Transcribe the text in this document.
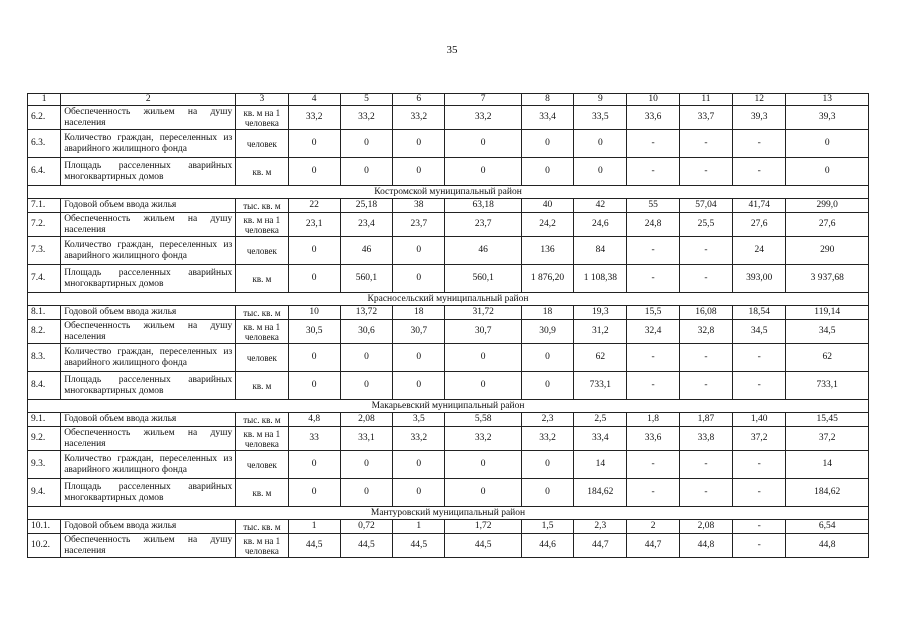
35
1	2	3	4	5	6	7	8	9	10	11	12	13
6.2.	Обеспеченность жильем на душу населения	кв. м на 1 человека	33,2	33,2	33,2	33,2	33,4	33,5	33,6	33,7	39,3	39,3
6.3.	Количество граждан, переселенных из аварийного жилищного фонда	человек	0	0	0	0	0	0	-	-	-	0
6.4.	Площадь расселенных аварийных многоквартирных домов	кв. м	0	0	0	0	0	0	-	-	-	0
Костромской муниципальный район												
7.1.	Годовой объем ввода жилья	тыс. кв. м	22	25,18	38	63,18	40	42	55	57,04	41,74	299,0
7.2.	Обеспеченность жильем на душу населения	кв. м на 1 человека	23,1	23,4	23,7	23,7	24,2	24,6	24,8	25,5	27,6	27,6
7.3.	Количество граждан, переселенных из аварийного жилищного фонда	человек	0	46	0	46	136	84	-	-	24	290
7.4.	Площадь расселенных аварийных многоквартирных домов	кв. м	0	560,1	0	560,1	1 876,20	1 108,38	-	-	393,00	3 937,68
Красносельский муниципальный район												
8.1.	Годовой объем ввода жилья	тыс. кв. м	10	13,72	18	31,72	18	19,3	15,5	16,08	18,54	119,14
8.2.	Обеспеченность жильем на душу населения	кв. м на 1 человека	30,5	30,6	30,7	30,7	30,9	31,2	32,4	32,8	34,5	34,5
8.3.	Количество граждан, переселенных из аварийного жилищного фонда	человек	0	0	0	0	0	62	-	-	-	62
8.4.	Площадь расселенных аварийных многоквартирных домов	кв. м	0	0	0	0	0	733,1	-	-	-	733,1
Макарьевский муниципальный район												
9.1.	Годовой объем ввода жилья	тыс. кв. м	4,8	2,08	3,5	5,58	2,3	2,5	1,8	1,87	1,40	15,45
9.2.	Обеспеченность жильем на душу населения	кв. м на 1 человека	33	33,1	33,2	33,2	33,2	33,4	33,6	33,8	37,2	37,2
9.3.	Количество граждан, переселенных из аварийного жилищного фонда	человек	0	0	0	0	0	14	-	-	-	14
9.4.	Площадь расселенных аварийных многоквартирных домов	кв. м	0	0	0	0	0	184,62	-	-	-	184,62
Мантуровский муниципальный район												
10.1.	Годовой объем ввода жилья	тыс. кв. м	1	0,72	1	1,72	1,5	2,3	2	2,08	-	6,54
10.2.	Обеспеченность жильем на душу населения	кв. м на 1 человека	44,5	44,5	44,5	44,5	44,6	44,7	44,7	44,8	-	44,8
